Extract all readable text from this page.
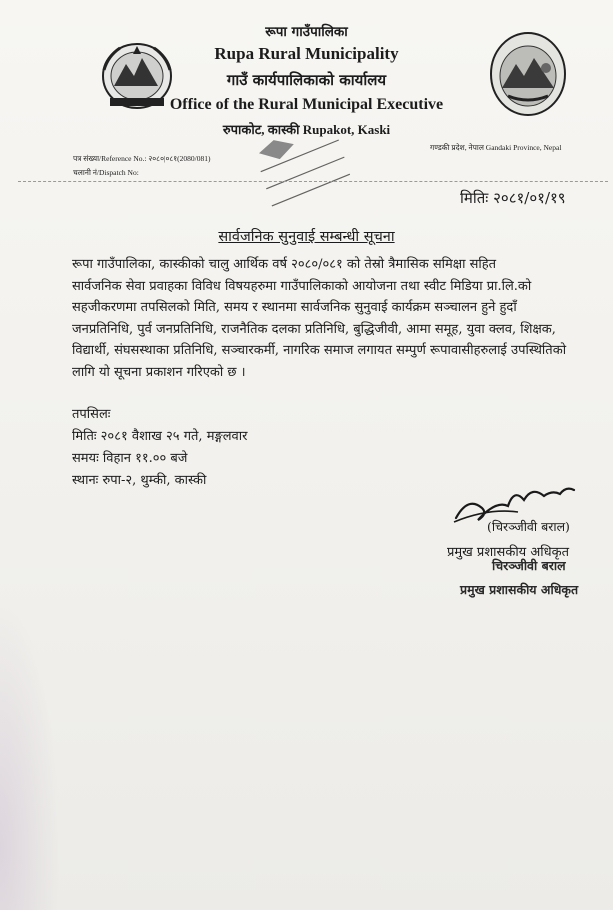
रूपा गाउँपालिका
Rupa Rural Municipality
गाउँ कार्यपालिकाको कार्यालय
Office of the Rural Municipal Executive
रुपाकोट, कास्की Rupakot, Kaski
गण्डकी प्रदेश, नेपाल Gandaki Province, Nepal
पत्र संख्या/Reference No.: २०८०|०८१(2080/081)
चलानी नं/Dispatch No:
मितिः २०८१/०१/१९
सार्वजनिक सुनुवाई सम्बन्धी सूचना
रूपा गाउँपालिका, कास्कीको चालु आर्थिक वर्ष २०८०/०८१ को तेस्रो त्रैमासिक समिक्षा सहित
सार्वजनिक सेवा प्रवाहका विविध विषयहरुमा गाउँपालिकाको आयोजना तथा स्वीट मिडिया प्रा.लि.को
सहजीकरणमा तपसिलको मिति, समय र स्थानमा सार्वजनिक सुनुवाई कार्यक्रम सञ्चालन हुने हुदाँ
जनप्रतिनिधि, पुर्व जनप्रतिनिधि, राजनैतिक दलका प्रतिनिधि, बुद्धिजीवी, आमा समूह, युवा क्लव, शिक्षक,
विद्यार्थी, संघसस्थाका प्रतिनिधि, सञ्चारकर्मी, नागरिक समाज लगायत सम्पुर्ण रूपावासीहरुलाई उपस्थितिको
लागि यो सूचना प्रकाशन गरिएको छ ।
तपसिलः
मितिः २०८१ वैशाख २५ गते, मङ्गलवार
समयः विहान ११.०० बजे
स्थानः रुपा-२, थुम्की, कास्की
(चिरञ्जीवी बराल)
प्रमुख प्रशासकीय अधिकृत
चिरञ्जीवी बराल
प्रमुख प्रशासकीय अधिकृत
